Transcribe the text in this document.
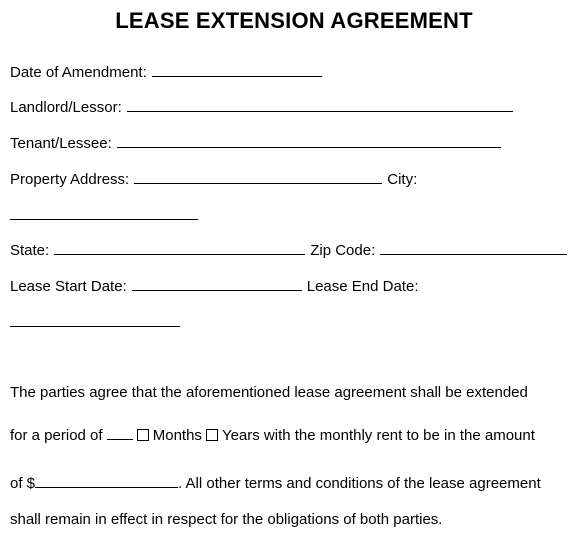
LEASE EXTENSION AGREEMENT
Date of Amendment:
Landlord/Lessor:
Tenant/Lessee:
Property Address:	City:
State:	Zip Code:
Lease Start Date:	Lease End Date:
The parties agree that the aforementioned lease agreement shall be extended
for a period of	Months Years with the monthly rent to be in the amount
of $	. All other terms and conditions of the lease agreement
shall remain in effect in respect for the obligations of both parties.
